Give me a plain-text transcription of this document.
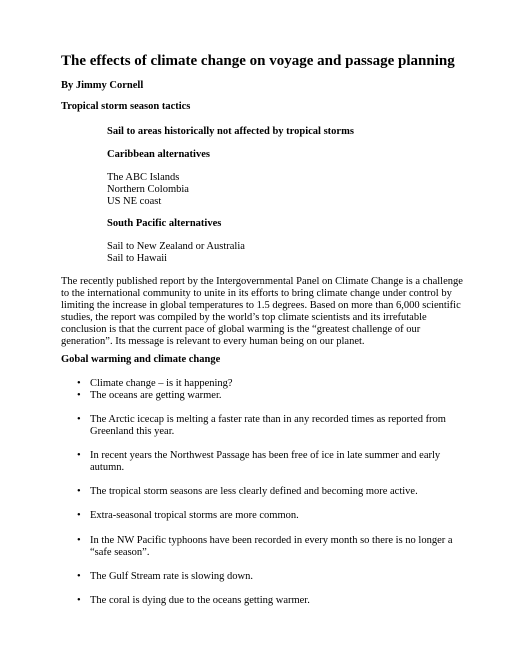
The effects of climate change on voyage and passage planning
By Jimmy Cornell
Tropical storm season tactics
Sail to areas historically not affected by tropical storms
Caribbean alternatives
The ABC Islands
Northern Colombia
US NE coast
South Pacific alternatives
Sail to New Zealand or Australia
Sail to Hawaii
The recently published report by the Intergovernmental Panel on Climate Change is a challenge
to the international community to unite in its efforts to bring climate change under control by
limiting the increase in global temperatures to 1.5 degrees. Based on more than 6,000 scientific
studies, the report was compiled by the world’s top climate scientists and its irrefutable
conclusion is that the current pace of global warming is the “greatest challenge of our
generation”. Its message is relevant to every human being on our planet.
Gobal warming and climate change
• Climate change – is it happening?
• The oceans are getting warmer.
• The Arctic icecap is melting a faster rate than in any recorded times as reported from
Greenland this year.
• In recent years the Northwest Passage has been free of ice in late summer and early
autumn.
• The tropical storm seasons are less clearly defined and becoming more active.
• Extra-seasonal tropical storms are more common.
• In the NW Pacific typhoons have been recorded in every month so there is no longer a
“safe season”.
• The Gulf Stream rate is slowing down.
• The coral is dying due to the oceans getting warmer.
